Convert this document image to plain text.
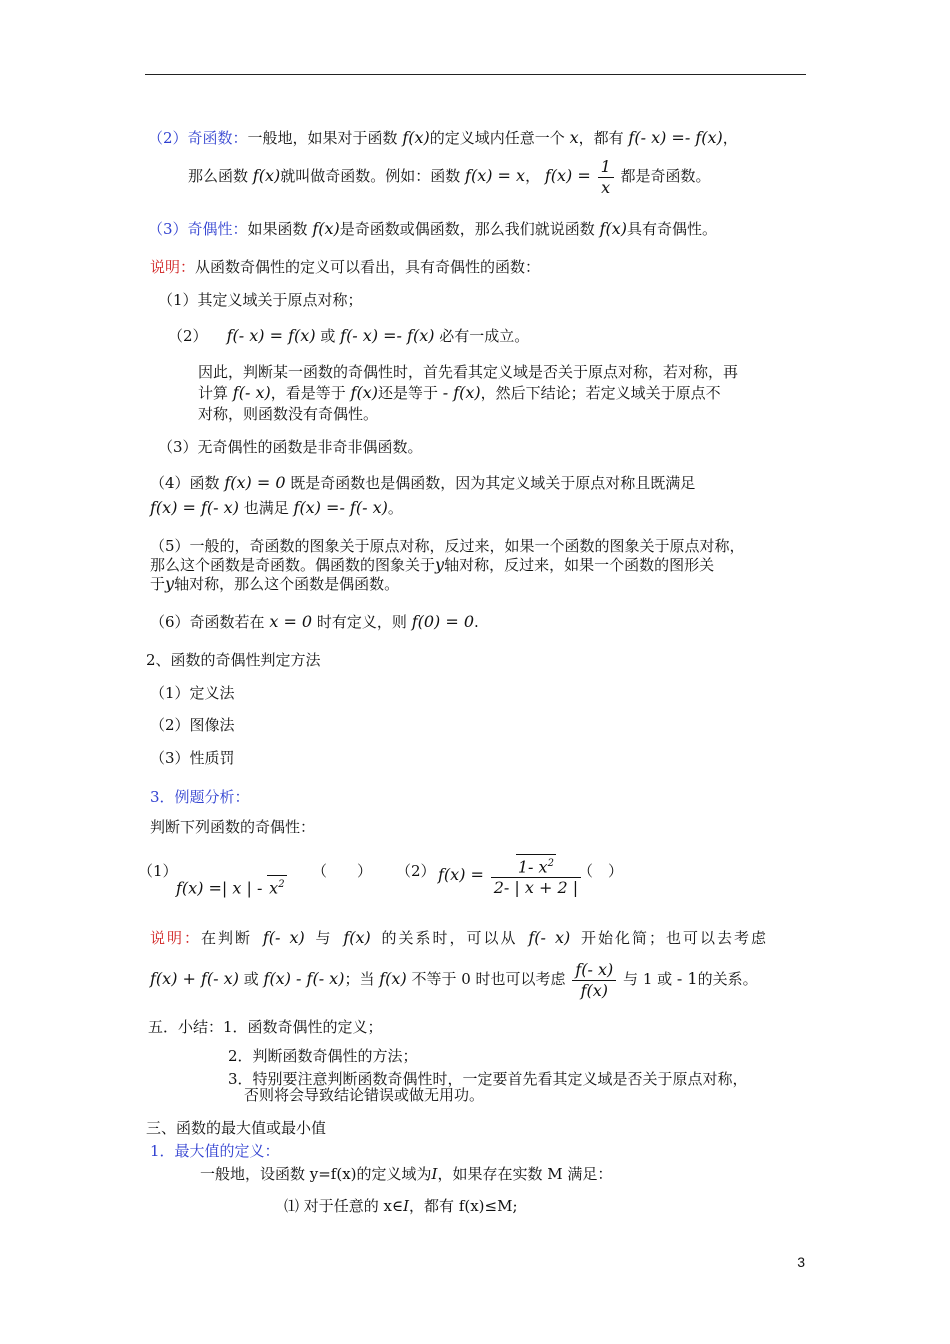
（2）奇函数：一般地，如果对于函数 f(x)的定义域内任意一个 x，都有 f(- x) =- f(x)，
那么函数 f(x)就叫做奇函数。例如：函数 f(x) = x， $f(x) = \frac{1}{x}$ 都是奇函数。
（3）奇偶性：如果函数 f(x)是奇函数或偶函数，那么我们就说函数 f(x)具有奇偶性。
说明：从函数奇偶性的定义可以看出，具有奇偶性的函数：
（1）其定义域关于原点对称；
（2） f(- x) = f(x) 或 f(- x) =- f(x) 必有一成立。
因此，判断某一函数的奇偶性时，首先看其定义域是否关于原点对称，若对称，再
计算 f(- x)，看是等于 f(x)还是等于 - f(x)，然后下结论；若定义域关于原点不
对称，则函数没有奇偶性。
（3）无奇偶性的函数是非奇非偶函数。
（4）函数 f(x) = 0 既是奇函数也是偶函数，因为其定义域关于原点对称且既满足
f(x) = f(- x) 也满足 f(x) =- f(- x)。
（5）一般的，奇函数的图象关于原点对称，反过来，如果一个函数的图象关于原点对称，
那么这个函数是奇函数。偶函数的图象关于y轴对称，反过来，如果一个函数的图形关
于y轴对称，那么这个函数是偶函数。
（6）奇函数若在 x = 0 时有定义，则 f(0) = 0.
2、函数的奇偶性判定方法
（1）定义法
（2）图像法
（3）性质罚
3．例题分析：
判断下列函数的奇偶性：
（1）
f(x) =| x | - $x^2$
（　　） （2） $f(x) = \frac{1- x^2}{2- | x + 2 |}$
（　）
说明：在判断 f(- x) 与 f(x) 的关系时，可以从 f(- x) 开始化简；也可以去考虑
f(x) + f(- x) 或 f(x) - f(- x)；当 f(x) 不等于 0 时也可以考虑 $\frac{f(- x)}{f(x)}$ 与 1 或 - 1的关系。
五．小结：1．函数奇偶性的定义；
2．判断函数奇偶性的方法；
3．特别要注意判断函数奇偶性时，一定要首先看其定义域是否关于原点对称，
否则将会导致结论错误或做无用功。
三、函数的最大值或最小值
1．最大值的定义：
一般地，设函数 y=f(x)的定义域为I，如果存在实数 M 满足：
⑴ 对于任意的 x∈I，都有 f(x)≤M;
3
